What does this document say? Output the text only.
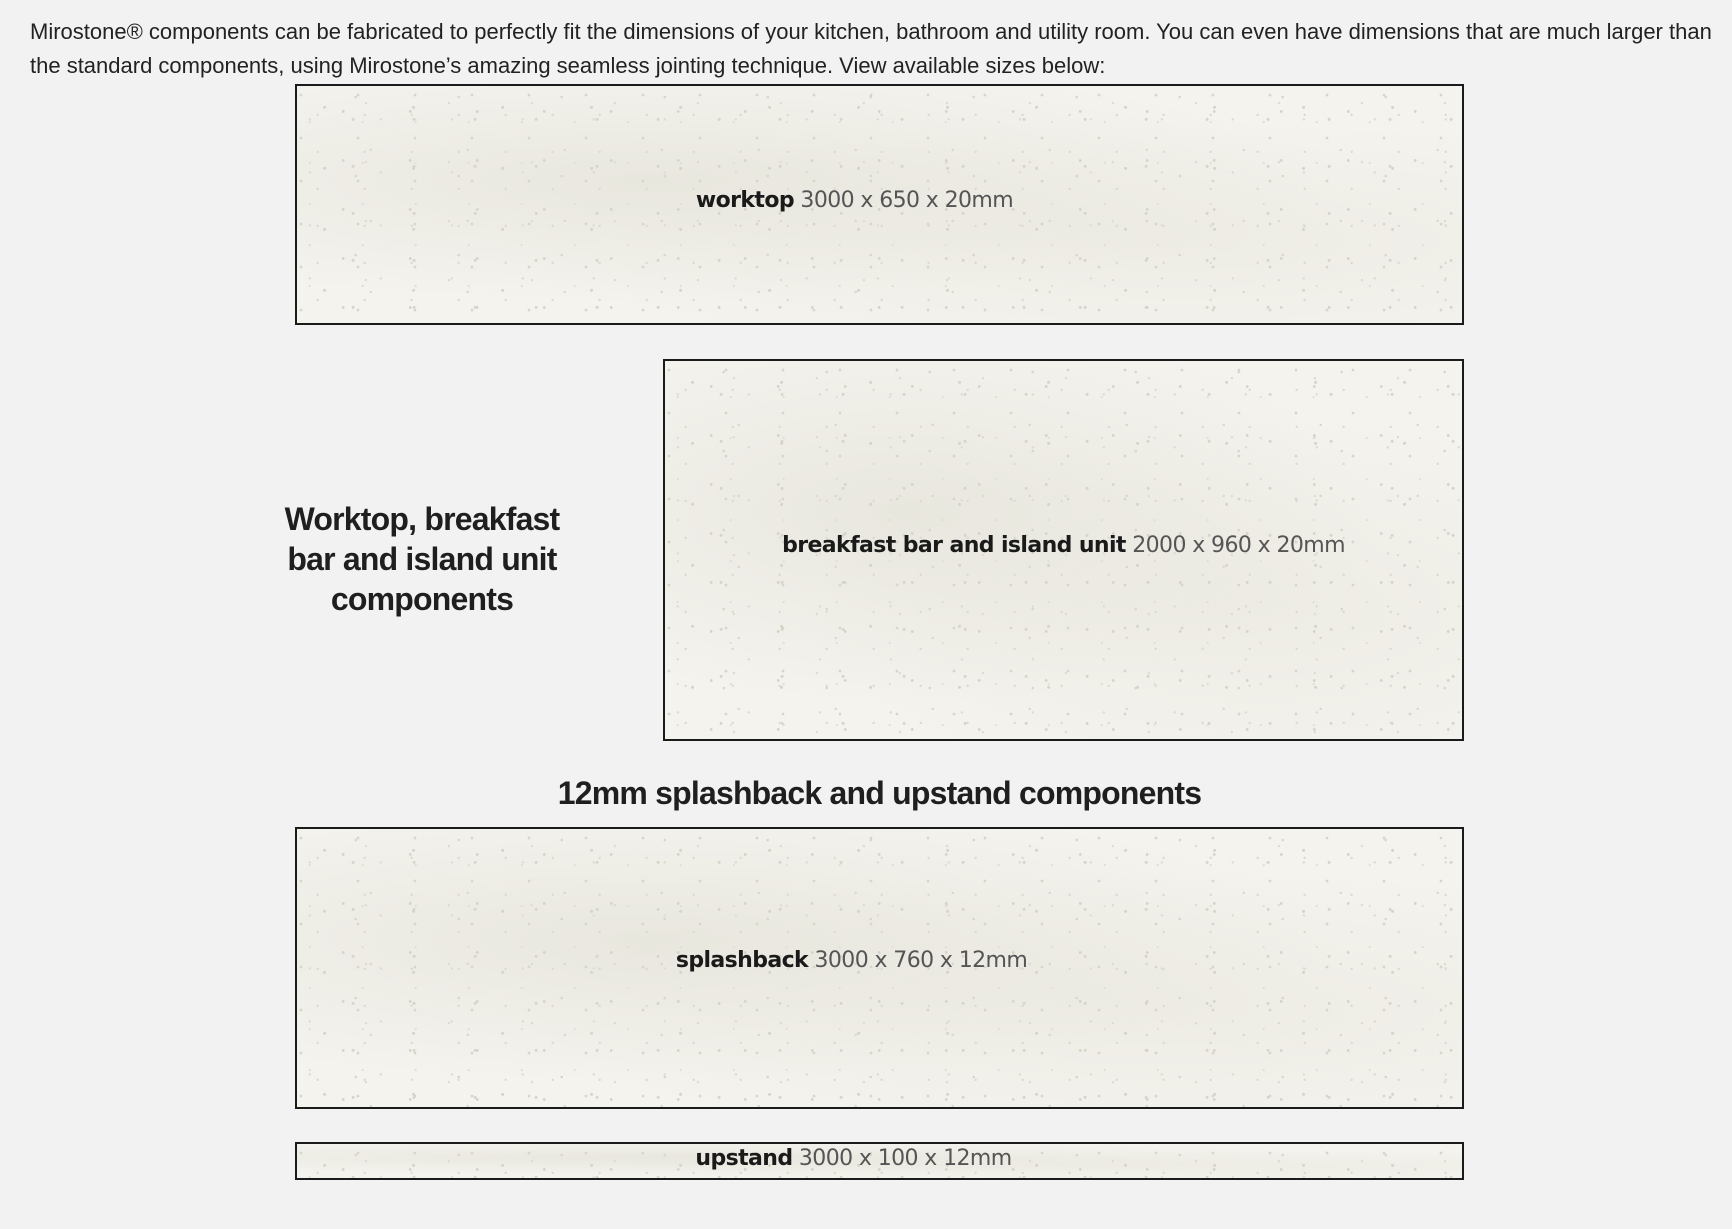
Mirostone® components can be fabricated to perfectly fit the dimensions of your kitchen, bathroom and utility room. You can even have dimensions that are much larger than the standard components, using Mirostone’s amazing seamless jointing technique. View available sizes below:

worktop 3000 x 650 x 20mm
Worktop, breakfast bar and island unit components
breakfast bar and island unit 2000 x 960 x 20mm
12mm splashback and upstand components
splashback 3000 x 760 x 12mm
upstand 3000 x 100 x 12mm
